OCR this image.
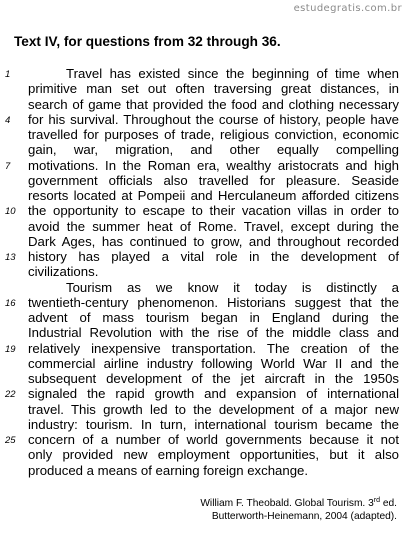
estudegratis.com.br
Text IV, for questions from 32 through 36.
1	Travel has existed since the beginning of time when
primitive man set out often traversing great distances, in
search of game that provided the food and clothing necessary
4	for his survival. Throughout the course of history, people have
travelled for purposes of trade, religious conviction, economic
gain, war, migration, and other equally compelling
7	motivations. In the Roman era, wealthy aristocrats and high
government officials also travelled for pleasure. Seaside
resorts located at Pompeii and Herculaneum afforded citizens
10 the opportunity to escape to their vacation villas in order to
avoid the summer heat of Rome. Travel, except during the
Dark Ages, has continued to grow, and throughout recorded
13 history has played a vital role in the development of
civilizations.
Tourism as we know it today is distinctly a
16 twentieth-century phenomenon. Historians suggest that the
advent of mass tourism began in England during the
Industrial Revolution with the rise of the middle class and
19 relatively inexpensive transportation. The creation of the
commercial airline industry following World War II and the
subsequent development of the jet aircraft in the 1950s
22 signaled the rapid growth and expansion of international
travel. This growth led to the development of a major new
industry: tourism. In turn, international tourism became the
25 concern of a number of world governments because it not
only provided new employment opportunities, but it also
produced a means of earning foreign exchange.
William F. Theobald. Global Tourism. 3rd ed.
Butterworth-Heinemann, 2004 (adapted).
